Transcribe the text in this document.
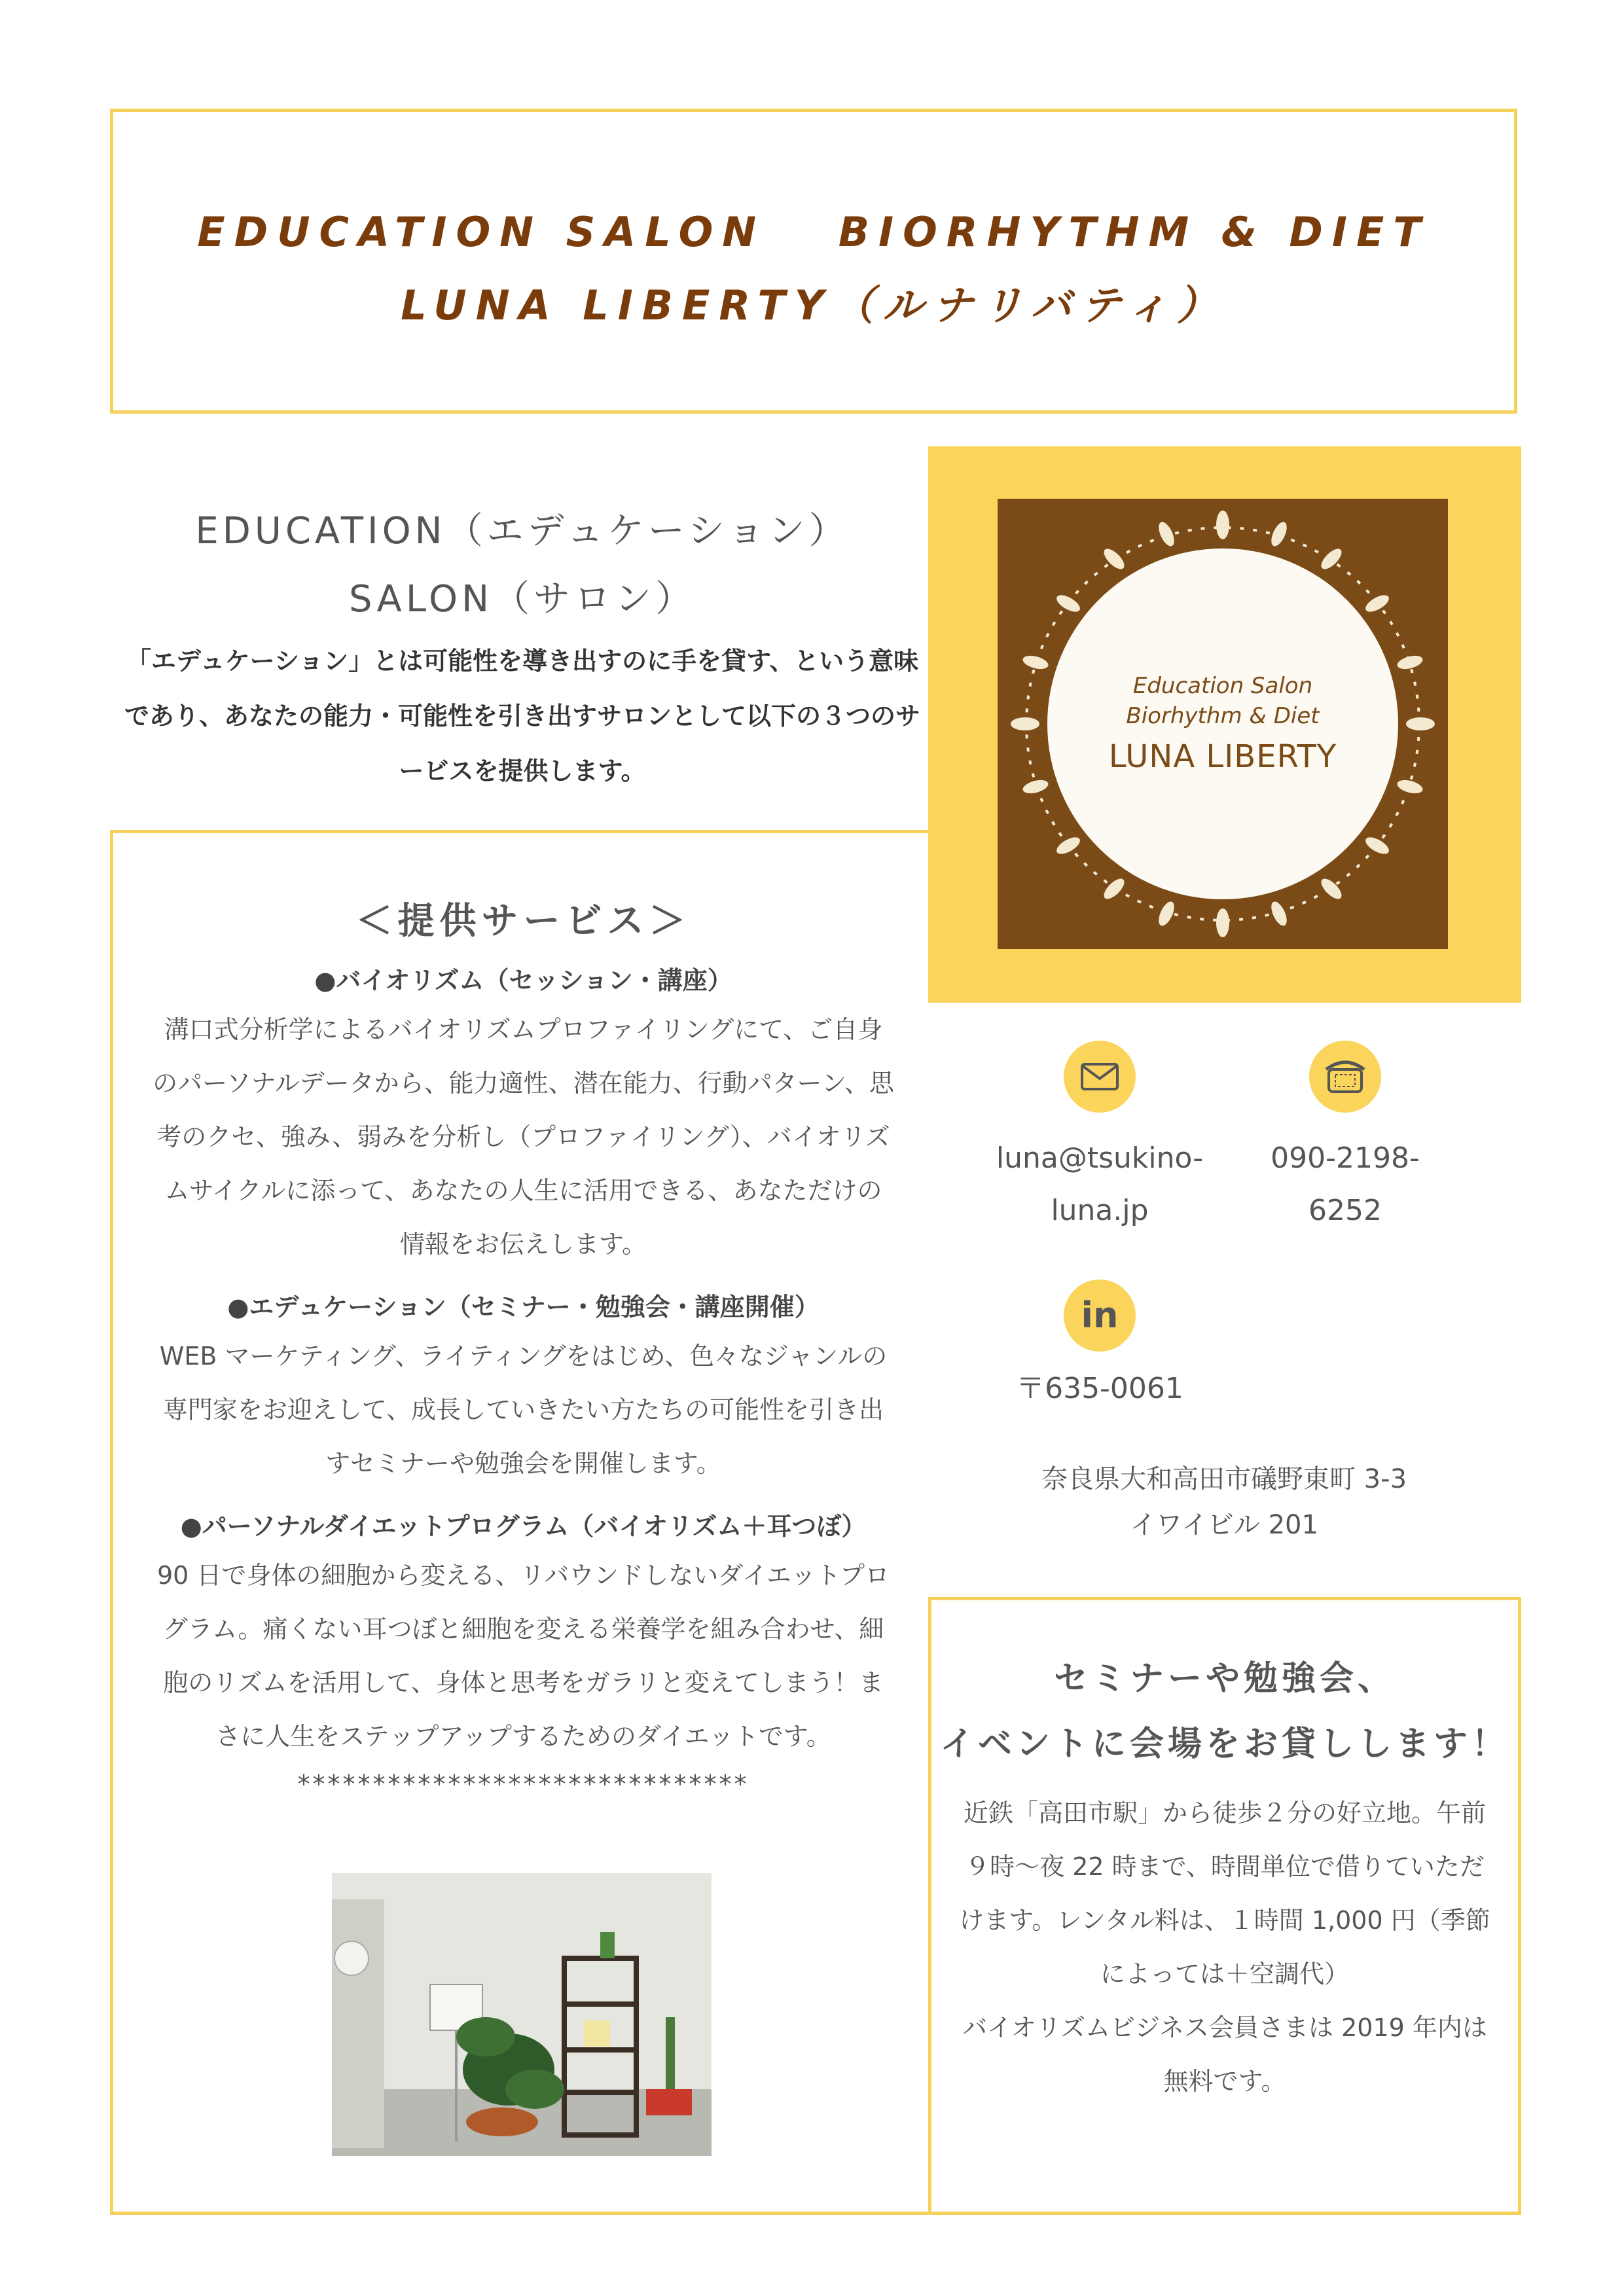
EDUCATION SALON　 BIORHYTHM & DIET
LUNA LIBERTY（ルナリバティ）
EDUCATION（エデュケーション）
SALON（サロン）
「エデュケーション」とは可能性を導き出すのに手を貸す、という意味であり、あなたの能力・可能性を引き出すサロンとして以下の３つのサービスを提供します。
＜提供サービス＞
●バイオリズム（セッション・講座）
溝口式分析学によるバイオリズムプロファイリングにて、ご自身のパーソナルデータから、能力適性、潜在能力、行動パターン、思考のクセ、強み、弱みを分析し（プロファイリング）、バイオリズムサイクルに添って、あなたの人生に活用できる、あなただけの情報をお伝えします。
●エデュケーション（セミナー・勉強会・講座開催）
WEB マーケティング、ライティングをはじめ、色々なジャンルの専門家をお迎えして、成長していきたい方たちの可能性を引き出すセミナーや勉強会を開催します。
●パーソナルダイエットプログラム（バイオリズム＋耳つぼ）
90 日で身体の細胞から変える、リバウンドしないダイエットプログラム。痛くない耳つぼと細胞を変える栄養学を組み合わせ、細胞のリズムを活用して、身体と思考をガラリと変えてしまう！まさに人生をステップアップするためのダイエットです。
******************************
Education Salon
Biorhythm & Diet
LUNA LIBERTY
luna@tsukino-
luna.jp
090-2198-
6252
in
〒635-0061
奈良県大和高田市礒野東町 3-3
イワイビル 201
セミナーや勉強会、
イベントに会場をお貸しします！
近鉄「高田市駅」から徒歩２分の好立地。午前９時～夜 22 時まで、時間単位で借りていただけます。レンタル料は、１時間 1,000 円（季節によっては＋空調代）
バイオリズムビジネス会員さまは 2019 年内は無料です。
